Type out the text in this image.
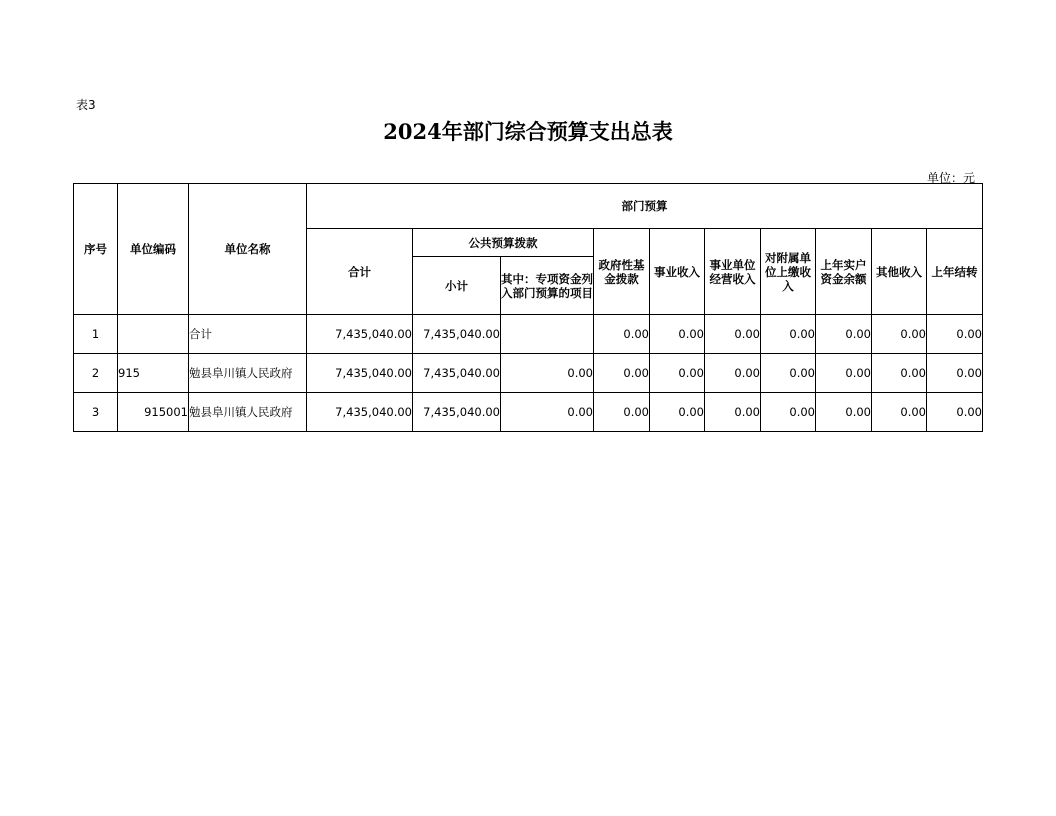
表3
2024年部门综合预算支出总表
单位：元
序号	单位编码	单位名称	部门预算									
			合计	公共预算拨款		政府性基金拨款	事业收入	事业单位经营收入	对附属单位上缴收入	上年实户资金余额	其他收入	上年结转
				小计	其中：专项资金列入部门预算的项目							
1		合计	7,435,040.00	7,435,040.00		0.00	0.00	0.00	0.00	0.00	0.00	0.00
2	915	勉县阜川镇人民政府	7,435,040.00	7,435,040.00	0.00	0.00	0.00	0.00	0.00	0.00	0.00	0.00
3	915001	勉县阜川镇人民政府	7,435,040.00	7,435,040.00	0.00	0.00	0.00	0.00	0.00	0.00	0.00	0.00
